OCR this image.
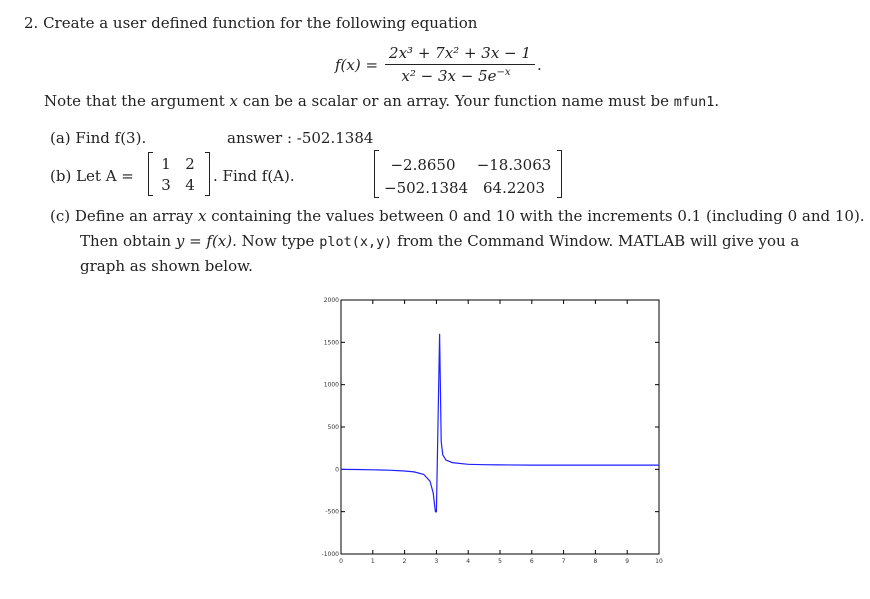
2. Create a user defined function for the following equation
f(x) =
2x³ + 7x² + 3x − 1
$x^2 - 3x - 5e^{-x}$	.
Note that the argument x can be a scalar or an array. Your function name must be mfun1.
(a) Find f(3).	answer : -502.1384
(b) Let A =
1 2
3 4	. Find f(A).
−2.8650	−18.3063
−502.1384 64.2203
(c) Define an array x containing the values between 0 and 10 with the increments 0.1 (including 0 and 10).
Then obtain y = f(x). Now type plot(x,y) from the Command Window. MATLAB will give you a
graph as shown below.
0	1	2	3	4	5	6	7	8	9	10
-1000
-500
0
500
1000
1500
2000
